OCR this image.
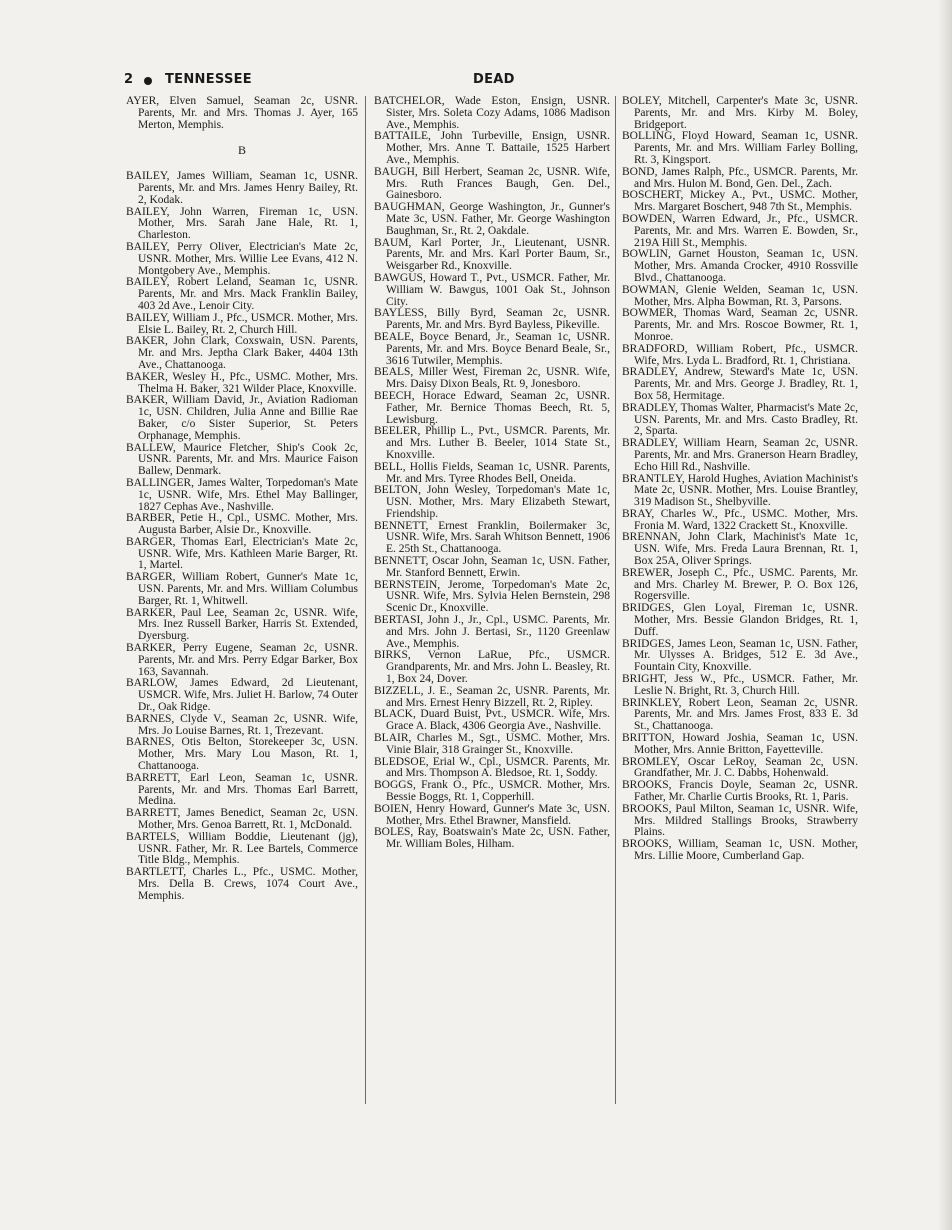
2 TENNESSEE	DEAD
AYER, Elven Samuel, Seaman 2c, USNR. Parents, Mr. and Mrs. Thomas J. Ayer, 165 Merton, Memphis.
B
BAILEY, James William, Seaman 1c, USNR. Parents, Mr. and Mrs. James Henry Bailey, Rt. 2, Kodak.
BAILEY, John Warren, Fireman 1c, USN. Mother, Mrs. Sarah Jane Hale, Rt. 1, Charleston.
BAILEY, Perry Oliver, Electrician's Mate 2c, USNR. Mother, Mrs. Willie Lee Evans, 412 N. Montgobery Ave., Memphis.
BAILEY, Robert Leland, Seaman 1c, USNR. Parents, Mr. and Mrs. Mack Franklin Bailey, 403 2d Ave., Lenoir City.
BAILEY, William J., Pfc., USMCR. Mother, Mrs. Elsie L. Bailey, Rt. 2, Church Hill.
BAKER, John Clark, Coxswain, USN. Parents, Mr. and Mrs. Jeptha Clark Baker, 4404 13th Ave., Chattanooga.
BAKER, Wesley H., Pfc., USMC. Mother, Mrs. Thelma H. Baker, 321 Wilder Place, Knoxville.
BAKER, William David, Jr., Aviation Radioman 1c, USN. Children, Julia Anne and Billie Rae Baker, c/o Sister Superior, St. Peters Orphanage, Memphis.
BALLEW, Maurice Fletcher, Ship's Cook 2c, USNR. Parents, Mr. and Mrs. Maurice Faison Ballew, Denmark.
BALLINGER, James Walter, Torpedoman's Mate 1c, USNR. Wife, Mrs. Ethel May Ballinger, 1827 Cephas Ave., Nashville.
BARBER, Petie H., Cpl., USMC. Mother, Mrs. Augusta Barber, Alsie Dr., Knoxville.
BARGER, Thomas Earl, Electrician's Mate 2c, USNR. Wife, Mrs. Kathleen Marie Barger, Rt. 1, Martel.
BARGER, William Robert, Gunner's Mate 1c, USN. Parents, Mr. and Mrs. William Columbus Barger, Rt. 1, Whitwell.
BARKER, Paul Lee, Seaman 2c, USNR. Wife, Mrs. Inez Russell Barker, Harris St. Extended, Dyersburg.
BARKER, Perry Eugene, Seaman 2c, USNR. Parents, Mr. and Mrs. Perry Edgar Barker, Box 163, Savannah.
BARLOW, James Edward, 2d Lieutenant, USMCR. Wife, Mrs. Juliet H. Barlow, 74 Outer Dr., Oak Ridge.
BARNES, Clyde V., Seaman 2c, USNR. Wife, Mrs. Jo Louise Barnes, Rt. 1, Trezevant.
BARNES, Otis Belton, Storekeeper 3c, USN. Mother, Mrs. Mary Lou Mason, Rt. 1, Chattanooga.
BARRETT, Earl Leon, Seaman 1c, USNR. Parents, Mr. and Mrs. Thomas Earl Barrett, Medina.
BARRETT, James Benedict, Seaman 2c, USN. Mother, Mrs. Genoa Barrett, Rt. 1, McDonald.
BARTELS, William Boddie, Lieutenant (jg), USNR. Father, Mr. R. Lee Bartels, Commerce Title Bldg., Memphis.
BARTLETT, Charles L., Pfc., USMC. Mother, Mrs. Della B. Crews, 1074 Court Ave., Memphis.
BATCHELOR, Wade Eston, Ensign, USNR. Sister, Mrs. Soleta Cozy Adams, 1086 Madison Ave., Memphis.
BATTAILE, John Turbeville, Ensign, USNR. Mother, Mrs. Anne T. Battaile, 1525 Harbert Ave., Memphis.
BAUGH, Bill Herbert, Seaman 2c, USNR. Wife, Mrs. Ruth Frances Baugh, Gen. Del., Gainesboro.
BAUGHMAN, George Washington, Jr., Gunner's Mate 3c, USN. Father, Mr. George Washington Baughman, Sr., Rt. 2, Oakdale.
BAUM, Karl Porter, Jr., Lieutenant, USNR. Parents, Mr. and Mrs. Karl Porter Baum, Sr., Weisgarber Rd., Knoxville.
BAWGUS, Howard T., Pvt., USMCR. Father, Mr. William W. Bawgus, 1001 Oak St., Johnson City.
BAYLESS, Billy Byrd, Seaman 2c, USNR. Parents, Mr. and Mrs. Byrd Bayless, Pikeville.
BEALE, Boyce Benard, Jr., Seaman 1c, USNR. Parents, Mr. and Mrs. Boyce Benard Beale, Sr., 3616 Tutwiler, Memphis.
BEALS, Miller West, Fireman 2c, USNR. Wife, Mrs. Daisy Dixon Beals, Rt. 9, Jonesboro.
BEECH, Horace Edward, Seaman 2c, USNR. Father, Mr. Bernice Thomas Beech, Rt. 5, Lewisburg.
BEELER, Phillip L., Pvt., USMCR. Parents, Mr. and Mrs. Luther B. Beeler, 1014 State St., Knoxville.
BELL, Hollis Fields, Seaman 1c, USNR. Parents, Mr. and Mrs. Tyree Rhodes Bell, Oneida.
BELTON, John Wesley, Torpedoman's Mate 1c, USN. Mother, Mrs. Mary Elizabeth Stewart, Friendship.
BENNETT, Ernest Franklin, Boilermaker 3c, USNR. Wife, Mrs. Sarah Whitson Bennett, 1906 E. 25th St., Chattanooga.
BENNETT, Oscar John, Seaman 1c, USN. Father, Mr. Stanford Bennett, Erwin.
BERNSTEIN, Jerome, Torpedoman's Mate 2c, USNR. Wife, Mrs. Sylvia Helen Bernstein, 298 Scenic Dr., Knoxville.
BERTASI, John J., Jr., Cpl., USMC. Parents, Mr. and Mrs. John J. Bertasi, Sr., 1120 Greenlaw Ave., Memphis.
BIRKS, Vernon LaRue, Pfc., USMCR. Grandparents, Mr. and Mrs. John L. Beasley, Rt. 1, Box 24, Dover.
BIZZELL, J. E., Seaman 2c, USNR. Parents, Mr. and Mrs. Ernest Henry Bizzell, Rt. 2, Ripley.
BLACK, Duard Buist, Pvt., USMCR. Wife, Mrs. Grace A. Black, 4306 Georgia Ave., Nashville.
BLAIR, Charles M., Sgt., USMC. Mother, Mrs. Vinie Blair, 318 Grainger St., Knoxville.
BLEDSOE, Erial W., Cpl., USMCR. Parents, Mr. and Mrs. Thompson A. Bledsoe, Rt. 1, Soddy.
BOGGS, Frank O., Pfc., USMCR. Mother, Mrs. Bessie Boggs, Rt. 1, Copperhill.
BOIEN, Henry Howard, Gunner's Mate 3c, USN. Mother, Mrs. Ethel Brawner, Mansfield.
BOLES, Ray, Boatswain's Mate 2c, USN. Father, Mr. William Boles, Hilham.
BOLEY, Mitchell, Carpenter's Mate 3c, USNR. Parents, Mr. and Mrs. Kirby M. Boley, Bridgeport.
BOLLING, Floyd Howard, Seaman 1c, USNR. Parents, Mr. and Mrs. William Farley Bolling, Rt. 3, Kingsport.
BOND, James Ralph, Pfc., USMCR. Parents, Mr. and Mrs. Hulon M. Bond, Gen. Del., Zach.
BOSCHERT, Mickey A., Pvt., USMC. Mother, Mrs. Margaret Boschert, 948 7th St., Memphis.
BOWDEN, Warren Edward, Jr., Pfc., USMCR. Parents, Mr. and Mrs. Warren E. Bowden, Sr., 219A Hill St., Memphis.
BOWLIN, Garnet Houston, Seaman 1c, USN. Mother, Mrs. Amanda Crocker, 4910 Rossville Blvd., Chattanooga.
BOWMAN, Glenie Welden, Seaman 1c, USN. Mother, Mrs. Alpha Bowman, Rt. 3, Parsons.
BOWMER, Thomas Ward, Seaman 2c, USNR. Parents, Mr. and Mrs. Roscoe Bowmer, Rt. 1, Monroe.
BRADFORD, William Robert, Pfc., USMCR. Wife, Mrs. Lyda L. Bradford, Rt. 1, Christiana.
BRADLEY, Andrew, Steward's Mate 1c, USN. Parents, Mr. and Mrs. George J. Bradley, Rt. 1, Box 58, Hermitage.
BRADLEY, Thomas Walter, Pharmacist's Mate 2c, USN. Parents, Mr. and Mrs. Casto Bradley, Rt. 2, Sparta.
BRADLEY, William Hearn, Seaman 2c, USNR. Parents, Mr. and Mrs. Granerson Hearn Bradley, Echo Hill Rd., Nashville.
BRANTLEY, Harold Hughes, Aviation Machinist's Mate 2c, USNR. Mother, Mrs. Louise Brantley, 319 Madison St., Shelbyville.
BRAY, Charles W., Pfc., USMC. Mother, Mrs. Fronia M. Ward, 1322 Crackett St., Knoxville.
BRENNAN, John Clark, Machinist's Mate 1c, USN. Wife, Mrs. Freda Laura Brennan, Rt. 1, Box 25A, Oliver Springs.
BREWER, Joseph C., Pfc., USMC. Parents, Mr. and Mrs. Charley M. Brewer, P. O. Box 126, Rogersville.
BRIDGES, Glen Loyal, Fireman 1c, USNR. Mother, Mrs. Bessie Glandon Bridges, Rt. 1, Duff.
BRIDGES, James Leon, Seaman 1c, USN. Father, Mr. Ulysses A. Bridges, 512 E. 3d Ave., Fountain City, Knoxville.
BRIGHT, Jess W., Pfc., USMCR. Father, Mr. Leslie N. Bright, Rt. 3, Church Hill.
BRINKLEY, Robert Leon, Seaman 2c, USNR. Parents, Mr. and Mrs. James Frost, 833 E. 3d St., Chattanooga.
BRITTON, Howard Joshia, Seaman 1c, USN. Mother, Mrs. Annie Britton, Fayetteville.
BROMLEY, Oscar LeRoy, Seaman 2c, USN. Grandfather, Mr. J. C. Dabbs, Hohenwald.
BROOKS, Francis Doyle, Seaman 2c, USNR. Father, Mr. Charlie Curtis Brooks, Rt. 1, Paris.
BROOKS, Paul Milton, Seaman 1c, USNR. Wife, Mrs. Mildred Stallings Brooks, Strawberry Plains.
BROOKS, William, Seaman 1c, USN. Mother, Mrs. Lillie Moore, Cumberland Gap.
